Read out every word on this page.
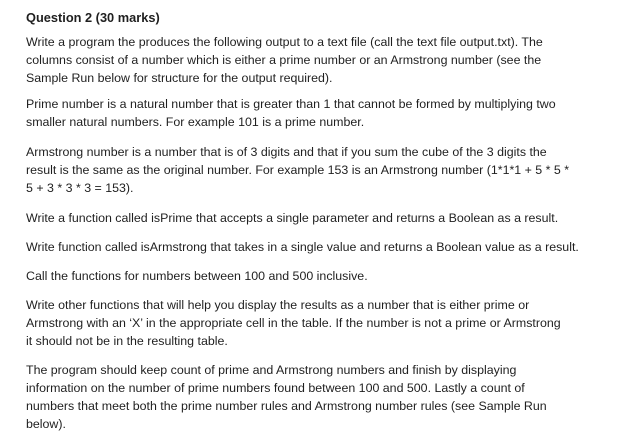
Question 2 (30 marks)

Write a program the produces the following output to a text file (call the text file output.txt). The
columns consist of a number which is either a prime number or an Armstrong number (see the
Sample Run below for structure for the output required).

Prime number is a natural number that is greater than 1 that cannot be formed by multiplying two
smaller natural numbers. For example 101 is a prime number.

Armstrong number is a number that is of 3 digits and that if you sum the cube of the 3 digits the
result is the same as the original number. For example 153 is an Armstrong number (1*1*1 + 5 * 5 *
5 + 3 * 3 * 3 = 153).

Write a function called isPrime that accepts a single parameter and returns a Boolean as a result.

Write function called isArmstrong that takes in a single value and returns a Boolean value as a result.

Call the functions for numbers between 100 and 500 inclusive.

Write other functions that will help you display the results as a number that is either prime or
Armstrong with an ‘X’ in the appropriate cell in the table. If the number is not a prime or Armstrong
it should not be in the resulting table.

The program should keep count of prime and Armstrong numbers and finish by displaying
information on the number of prime numbers found between 100 and 500. Lastly a count of
numbers that meet both the prime number rules and Armstrong number rules (see Sample Run
below).
